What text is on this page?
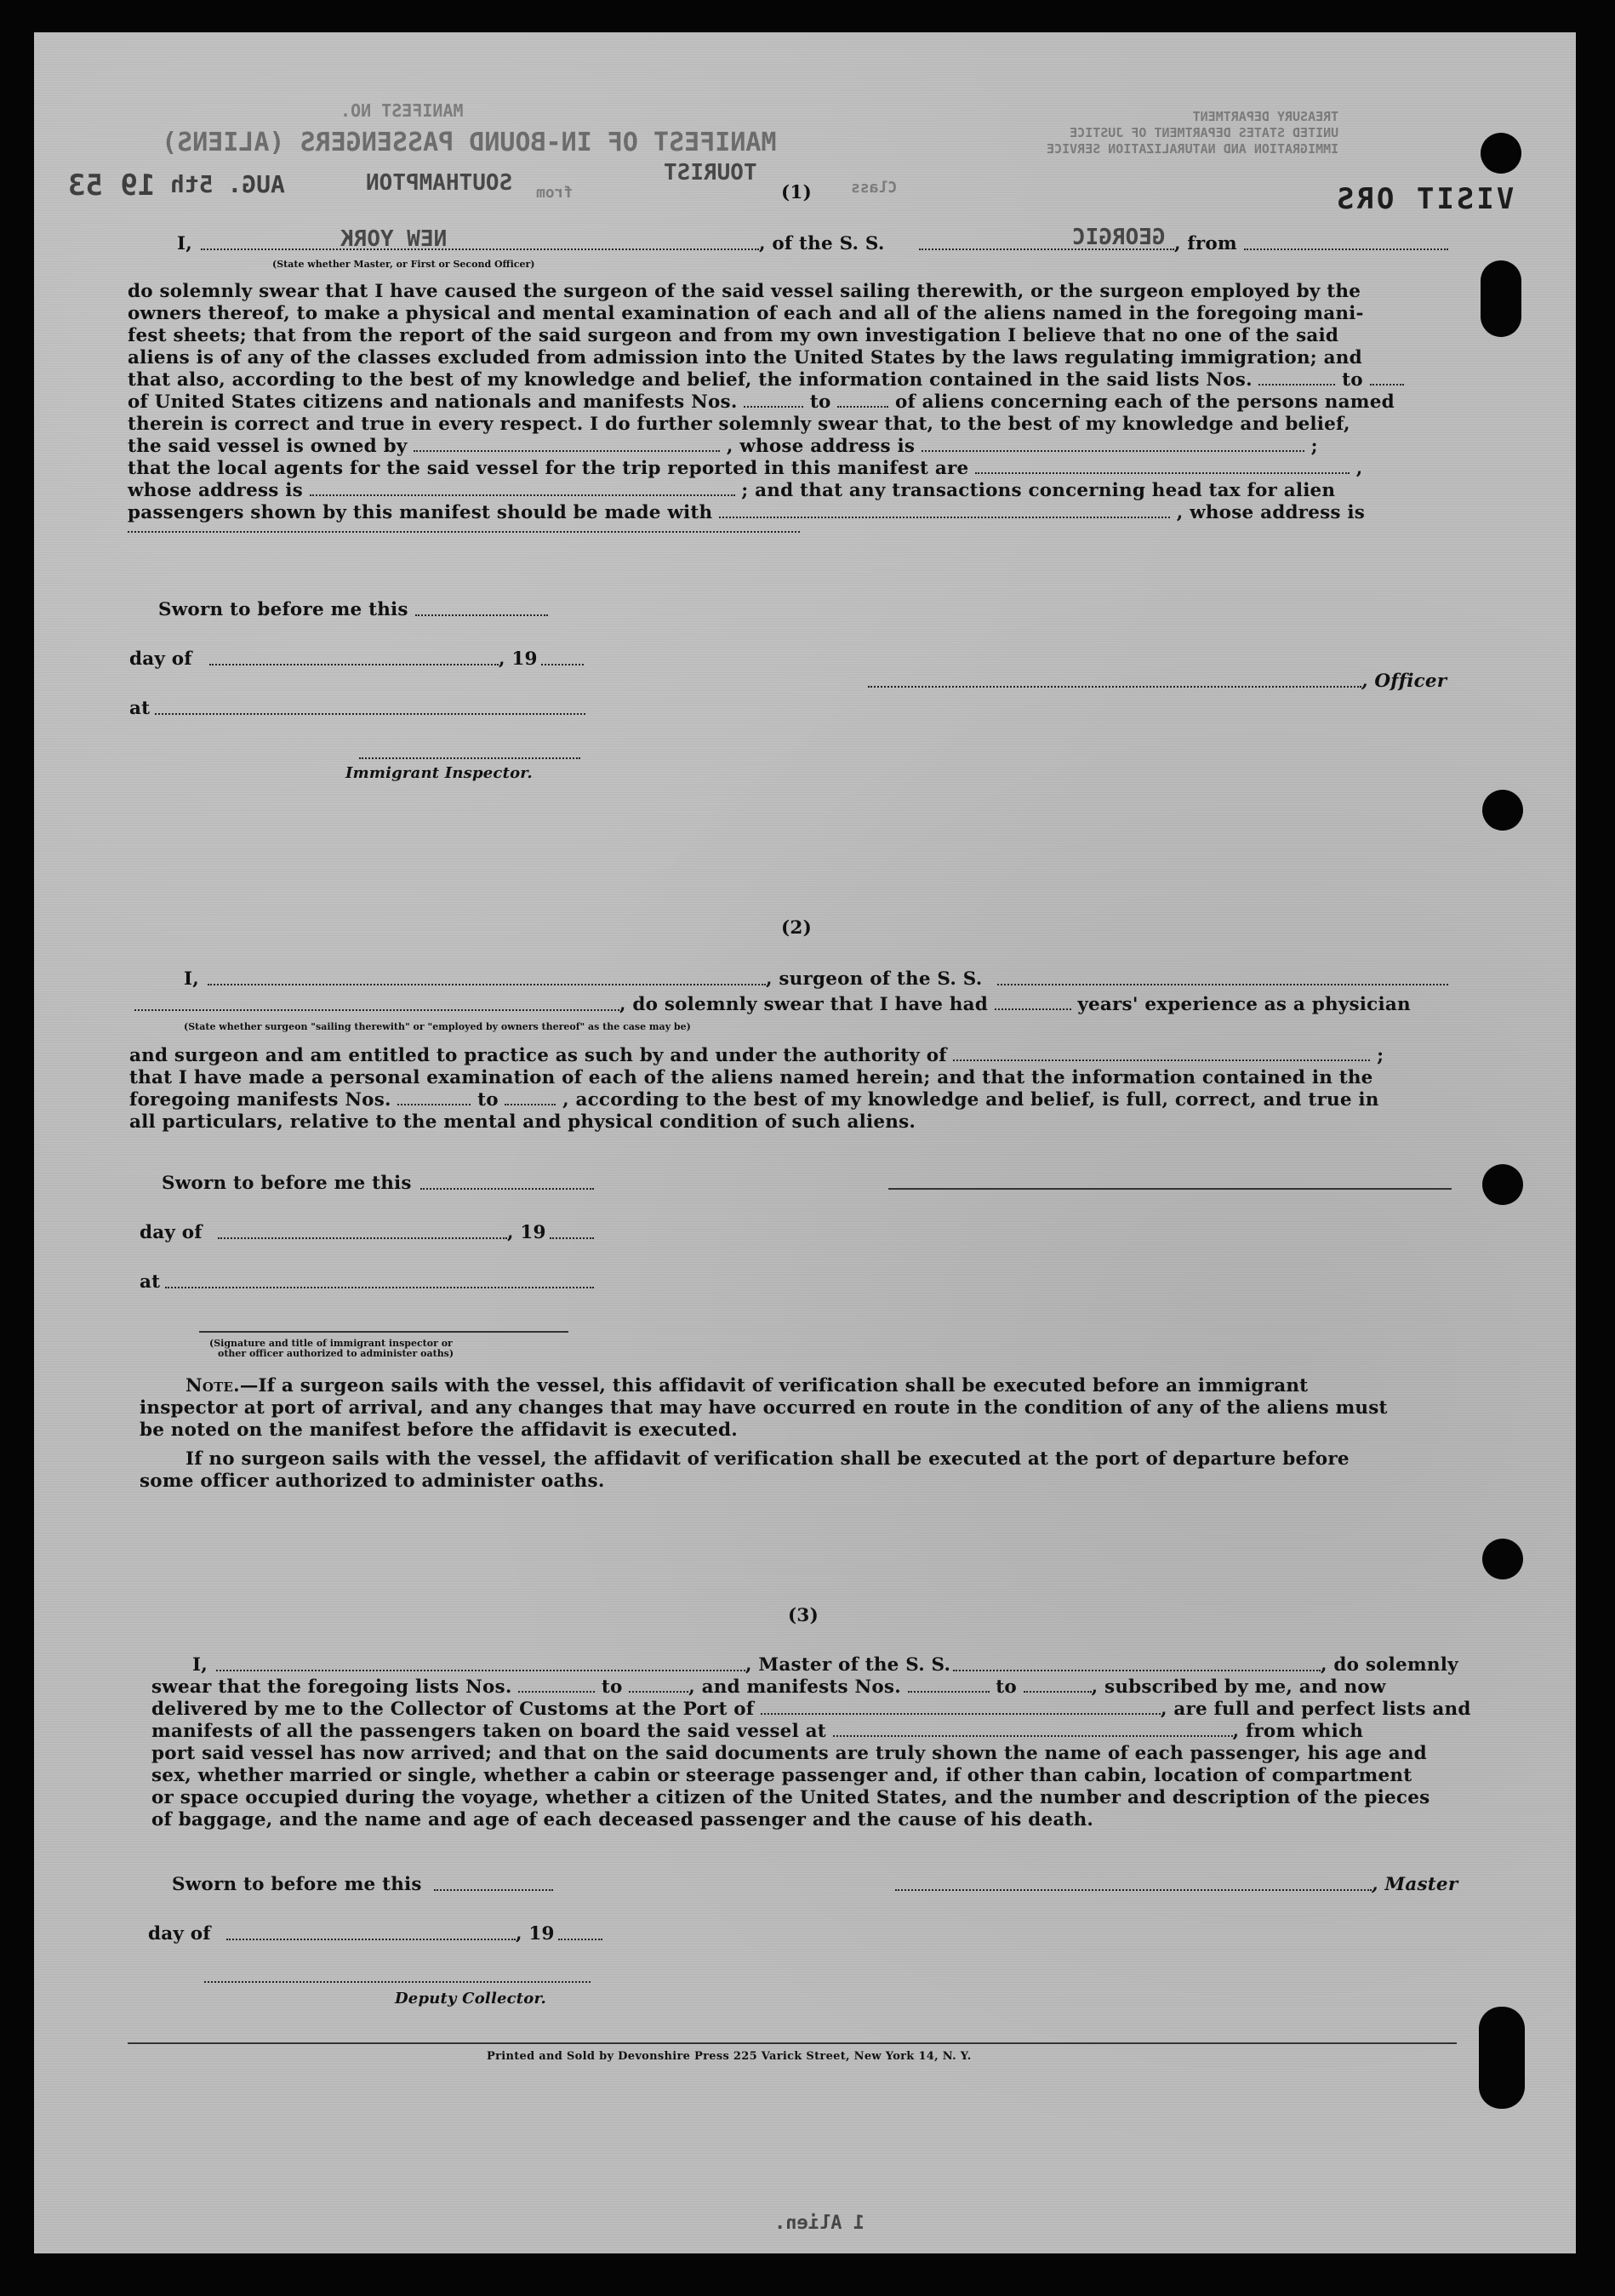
VISIT ORS
MANIFEST NO.
MANIFEST OF IN-BOUND PASSENGERS (ALIENS)
TREASURY DEPARTMENT
UNITED STATES DEPARTMENT OF JUSTICE
IMMIGRATION AND NATURALIZATION SERVICE
TOURIST
Class
from
SOUTHAMPTON
AUG. 5th
19 53
NEW YORK	GEORGIC
1 Alien.
(1)
I,	, of the S. S.	, from
(State whether Master, or First or Second Officer)
do solemnly swear that I have caused the surgeon of the said vessel sailing therewith, or the surgeon employed by the
owners thereof, to make a physical and mental examination of each and all of the aliens named in the foregoing mani-
fest sheets; that from the report of the said surgeon and from my own investigation I believe that no one of the said
aliens is of any of the classes excluded from admission into the United States by the laws regulating immigration; and
that also, according to the best of my knowledge and belief, the information contained in the said lists Nos.	to
of United States citizens and nationals and manifests Nos.	to	of aliens concerning each of the persons named
therein is correct and true in every respect. I do further solemnly swear that, to the best of my knowledge and belief,
the said vessel is owned by	, whose address is	;
that the local agents for the said vessel for the trip reported in this manifest are	,
whose address is	; and that any transactions concerning head tax for alien
passengers shown by this manifest should be made with	, whose address is
Sworn to before me this
day of	, 19
, Officer
at
Immigrant Inspector.
(2)
I,	, surgeon of the S. S.
, do solemnly swear that I have had	years' experience as a physician
(State whether surgeon "sailing therewith" or "employed by owners thereof" as the case may be)
and surgeon and am entitled to practice as such by and under the authority of	;
that I have made a personal examination of each of the aliens named herein; and that the information contained in the
foregoing manifests Nos.	to	, according to the best of my knowledge and belief, is full, correct, and true in
all particulars, relative to the mental and physical condition of such aliens.
Sworn to before me this
day of	, 19
at
(Signature and title of immigrant inspector or
other officer authorized to administer oaths)
Note.—If a surgeon sails with the vessel, this affidavit of verification shall be executed before an immigrant
inspector at port of arrival, and any changes that may have occurred en route in the condition of any of the aliens must
be noted on the manifest before the affidavit is executed.
If no surgeon sails with the vessel, the affidavit of verification shall be executed at the port of departure before
some officer authorized to administer oaths.
(3)
I,	, Master of the S. S.	, do solemnly
swear that the foregoing lists Nos.	to	, and manifests Nos.	to	, subscribed by me, and now
delivered by me to the Collector of Customs at the Port of	, are full and perfect lists and
manifests of all the passengers taken on board the said vessel at	, from which
port said vessel has now arrived; and that on the said documents are truly shown the name of each passenger, his age and
sex, whether married or single, whether a cabin or steerage passenger and, if other than cabin, location of compartment
or space occupied during the voyage, whether a citizen of the United States, and the number and description of the pieces
of baggage, and the name and age of each deceased passenger and the cause of his death.
Sworn to before me this	, Master
day of	, 19
Deputy Collector.
Printed and Sold by Devonshire Press 225 Varick Street, New York 14, N. Y.
